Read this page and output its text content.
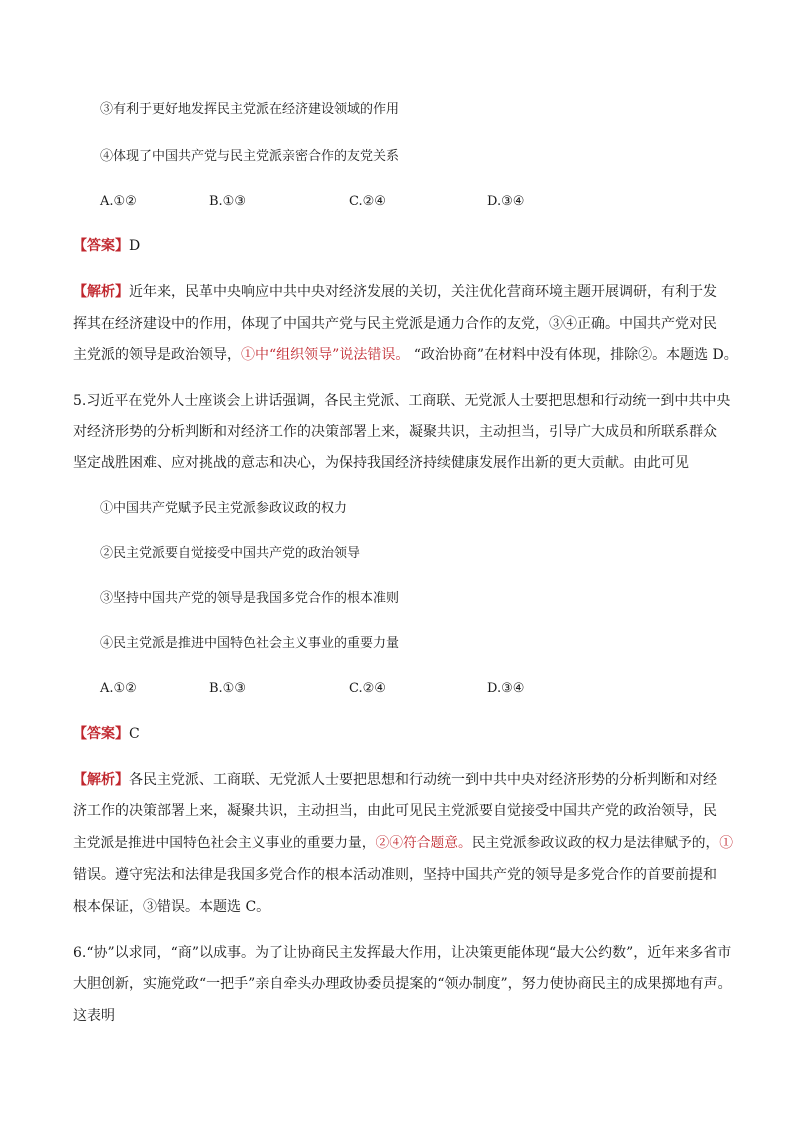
③有利于更好地发挥民主党派在经济建设领域的作用
④体现了中国共产党与民主党派亲密合作的友党关系
A.①②	B.①③	C.②④	D.③④
【答案】D
【解析】近年来，民革中央响应中共中央对经济发展的关切，关注优化营商环境主题开展调研，有利于发
挥其在经济建设中的作用，体现了中国共产党与民主党派是通力合作的友党，③④正确。中国共产党对民
主党派的领导是政治领导，①中“组织领导”说法错误。 “政治协商”在材料中没有体现，排除②。本题选 D。
5.习近平在党外人士座谈会上讲话强调，各民主党派、工商联、无党派人士要把思想和行动统一到中共中央
对经济形势的分析判断和对经济工作的决策部署上来，凝聚共识，主动担当，引导广大成员和所联系群众
坚定战胜困难、应对挑战的意志和决心，为保持我国经济持续健康发展作出新的更大贡献。由此可见
①中国共产党赋予民主党派参政议政的权力
②民主党派要自觉接受中国共产党的政治领导
③坚持中国共产党的领导是我国多党合作的根本准则
④民主党派是推进中国特色社会主义事业的重要力量
A.①②	B.①③	C.②④	D.③④
【答案】C
【解析】各民主党派、工商联、无党派人士要把思想和行动统一到中共中央对经济形势的分析判断和对经
济工作的决策部署上来，凝聚共识，主动担当，由此可见民主党派要自觉接受中国共产党的政治领导，民
主党派是推进中国特色社会主义事业的重要力量，②④符合题意。民主党派参政议政的权力是法律赋予的，①
错误。遵守宪法和法律是我国多党合作的根本活动准则，坚持中国共产党的领导是多党合作的首要前提和
根本保证，③错误。本题选 C。
6.“协”以求同，“商”以成事。为了让协商民主发挥最大作用，让决策更能体现“最大公约数”，近年来多省市
大胆创新，实施党政“一把手”亲自牵头办理政协委员提案的“领办制度”，努力使协商民主的成果掷地有声。
这表明
